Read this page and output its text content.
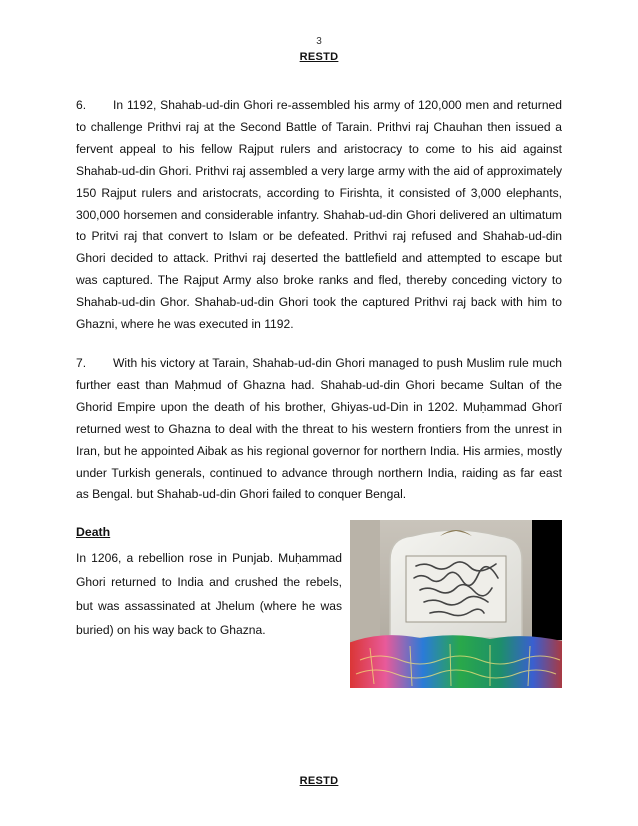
3
RESTD

6. In 1192, Shahab-ud-din Ghori re-assembled his army of 120,000 men and returned to challenge Prithvi raj at the Second Battle of Tarain. Prithvi raj Chauhan then issued a fervent appeal to his fellow Rajput rulers and aristocracy to come to his aid against Shahab-ud-din Ghori. Prithvi raj assembled a very large army with the aid of approximately 150 Rajput rulers and aristocrats, according to Firishta, it consisted of 3,000 elephants, 300,000 horsemen and considerable infantry. Shahab-ud-din Ghori delivered an ultimatum to Pritvi raj that convert to Islam or be defeated. Prithvi raj refused and Shahab-ud-din Ghori decided to attack. Prithvi raj deserted the battlefield and attempted to escape but was captured. The Rajput Army also broke ranks and fled, thereby conceding victory to Shahab-ud-din Ghor. Shahab-ud-din Ghori took the captured Prithvi raj back with him to Ghazni, where he was executed in 1192.

7. With his victory at Tarain, Shahab-ud-din Ghori managed to push Muslim rule much further east than Maḥmud of Ghazna had. Shahab-ud-din Ghori became Sultan of the Ghorid Empire upon the death of his brother, Ghiyas-ud-Din in 1202. Muḥammad Ghorī returned west to Ghazna to deal with the threat to his western frontiers from the unrest in Iran, but he appointed Aibak as his regional governor for northern India. His armies, mostly under Turkish generals, continued to advance through northern India, raiding as far east as Bengal. but Shahab-ud-din Ghori failed to conquer Bengal.

Death

In 1206, a rebellion rose in Punjab. Muḥammad Ghori returned to India and crushed the rebels, but was assassinated at Jhelum (where he was buried) on his way back to Ghazna.

RESTD
